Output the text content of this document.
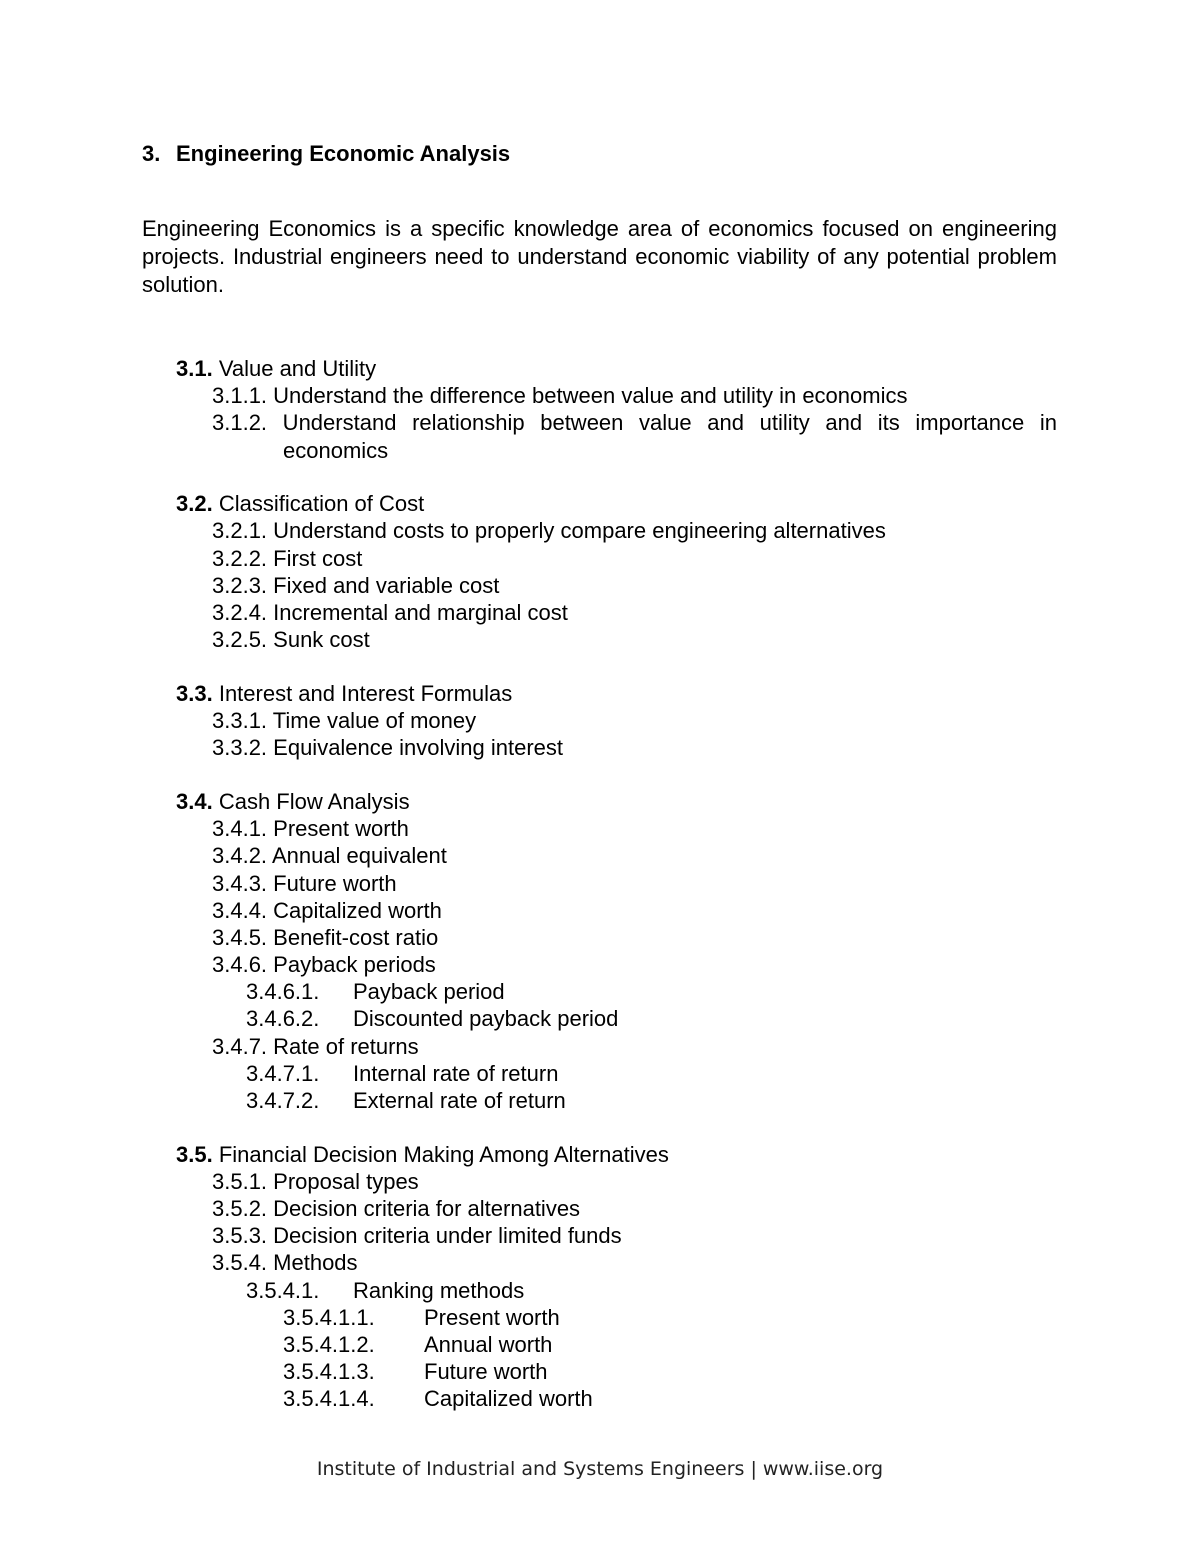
3. Engineering Economic Analysis

Engineering Economics is a specific knowledge area of economics focused on engineering projects. Industrial engineers need to understand economic viability of any potential problem solution.

3.1. Value and Utility
3.1.1. Understand the difference between value and utility in economics
3.1.2. Understand relationship between value and utility and its importance in
economics
3.2. Classification of Cost
3.2.1. Understand costs to properly compare engineering alternatives
3.2.2. First cost
3.2.3. Fixed and variable cost
3.2.4. Incremental and marginal cost
3.2.5. Sunk cost
3.3. Interest and Interest Formulas
3.3.1. Time value of money
3.3.2. Equivalence involving interest
3.4. Cash Flow Analysis
3.4.1. Present worth
3.4.2. Annual equivalent
3.4.3. Future worth
3.4.4. Capitalized worth
3.4.5. Benefit-cost ratio
3.4.6. Payback periods
3.4.6.1. Payback period
3.4.6.2. Discounted payback period
3.4.7. Rate of returns
3.4.7.1. Internal rate of return
3.4.7.2. External rate of return
3.5. Financial Decision Making Among Alternatives
3.5.1. Proposal types
3.5.2. Decision criteria for alternatives
3.5.3. Decision criteria under limited funds
3.5.4. Methods
3.5.4.1. Ranking methods
3.5.4.1.1. Present worth
3.5.4.1.2. Annual worth
3.5.4.1.3. Future worth
3.5.4.1.4. Capitalized worth
Institute of Industrial and Systems Engineers | www.iise.org
